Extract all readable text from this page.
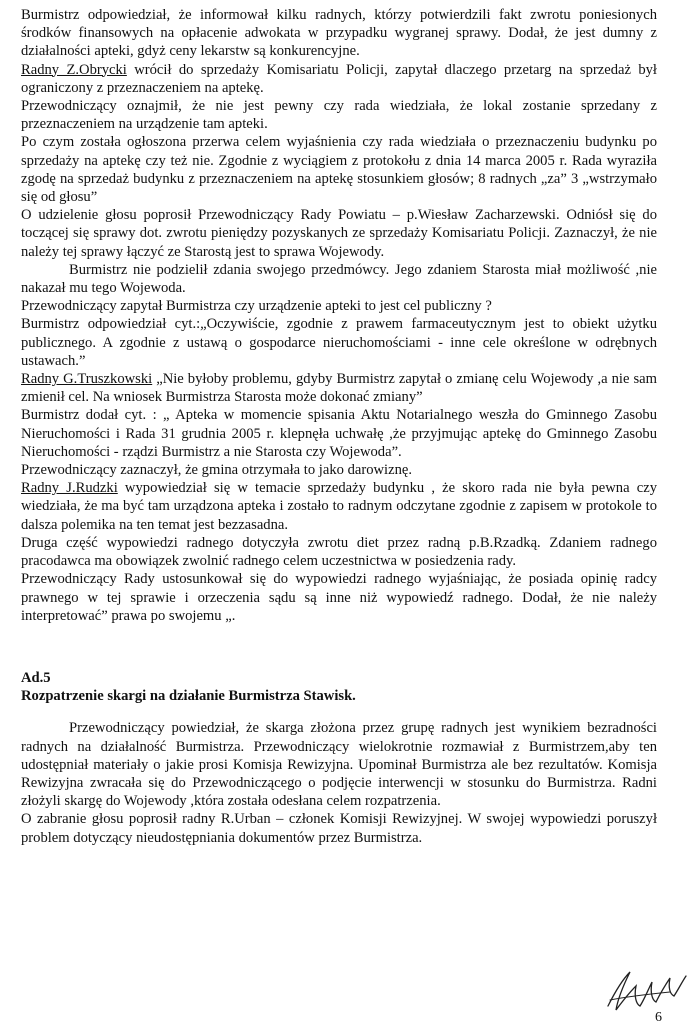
Burmistrz odpowiedział, że informował kilku radnych, którzy potwierdzili fakt zwrotu poniesionych środków finansowych na opłacenie adwokata w przypadku wygranej sprawy. Dodał, że jest dumny z działalności apteki, gdyż ceny lekarstw są konkurencyjne.

Radny Z.Obrycki wrócił do sprzedaży Komisariatu Policji, zapytał dlaczego przetarg na sprzedaż był ograniczony z przeznaczeniem na aptekę.

Przewodniczący oznajmił, że nie jest pewny czy rada wiedziała, że lokal zostanie sprzedany z przeznaczeniem na urządzenie tam apteki.

Po czym została ogłoszona przerwa celem wyjaśnienia czy rada wiedziała o przeznaczeniu budynku po sprzedaży na aptekę czy też nie. Zgodnie z wyciągiem z protokołu z dnia 14 marca 2005 r. Rada wyraziła zgodę na sprzedaż budynku z przeznaczeniem na aptekę stosunkiem głosów; 8 radnych „za” 3 „wstrzymało się od głosu”

O udzielenie głosu poprosił Przewodniczący Rady Powiatu – p.Wiesław Zacharzewski. Odniósł się do toczącej się sprawy dot. zwrotu pieniędzy pozyskanych ze sprzedaży Komisariatu Policji. Zaznaczył, że nie należy tej sprawy łączyć ze Starostą jest to sprawa Wojewody.

Burmistrz nie podzielił zdania swojego przedmówcy. Jego zdaniem Starosta miał możliwość ,nie nakazał mu tego Wojewoda.

Przewodniczący zapytał Burmistrza czy urządzenie apteki to jest cel publiczny ?

Burmistrz odpowiedział cyt.:„Oczywiście, zgodnie z prawem farmaceutycznym jest to obiekt użytku publicznego. A zgodnie z ustawą o gospodarce nieruchomościami - inne cele określone w odrębnych ustawach.”

Radny G.Truszkowski „Nie byłoby problemu, gdyby Burmistrz zapytał o zmianę celu Wojewody ,a nie sam zmienił cel. Na wniosek Burmistrza Starosta może dokonać zmiany”

Burmistrz dodał cyt. : „ Apteka w momencie spisania Aktu Notarialnego weszła do Gminnego Zasobu Nieruchomości i Rada 31 grudnia 2005 r. klepnęła uchwałę ,że przyjmując aptekę do Gminnego Zasobu Nieruchomości - rządzi Burmistrz a nie Starosta czy Wojewoda”.

Przewodniczący zaznaczył, że gmina otrzymała to jako darowiznę.

Radny J.Rudzki wypowiedział się w temacie sprzedaży budynku , że skoro rada nie była pewna czy wiedziała, że ma być tam urządzona apteka i zostało to radnym odczytane zgodnie z zapisem w protokole to dalsza polemika na ten temat jest bezzasadna.

Druga część wypowiedzi radnego dotyczyła zwrotu diet przez radną p.B.Rzadką. Zdaniem radnego pracodawca ma obowiązek zwolnić radnego celem uczestnictwa w posiedzenia rady.

Przewodniczący Rady ustosunkował się do wypowiedzi radnego wyjaśniając, że posiada opinię radcy prawnego w tej sprawie i orzeczenia sądu są inne niż wypowiedź radnego. Dodał, że nie należy interpretować” prawa po swojemu „.

Ad.5

Rozpatrzenie skargi na działanie Burmistrza Stawisk.

Przewodniczący powiedział, że skarga złożona przez grupę radnych jest wynikiem bezradności radnych na działalność Burmistrza. Przewodniczący wielokrotnie rozmawiał z Burmistrzem,aby ten udostępniał materiały o jakie prosi Komisja Rewizyjna. Upominał Burmistrza ale bez rezultatów. Komisja Rewizyjna zwracała się do Przewodniczącego o podjęcie interwencji w stosunku do Burmistrza. Radni złożyli skargę do Wojewody ,która została odesłana celem rozpatrzenia.

O zabranie głosu poprosił radny R.Urban – członek Komisji Rewizyjnej. W swojej wypowiedzi poruszył problem dotyczący nieudostępniania dokumentów przez Burmistrza.

6
